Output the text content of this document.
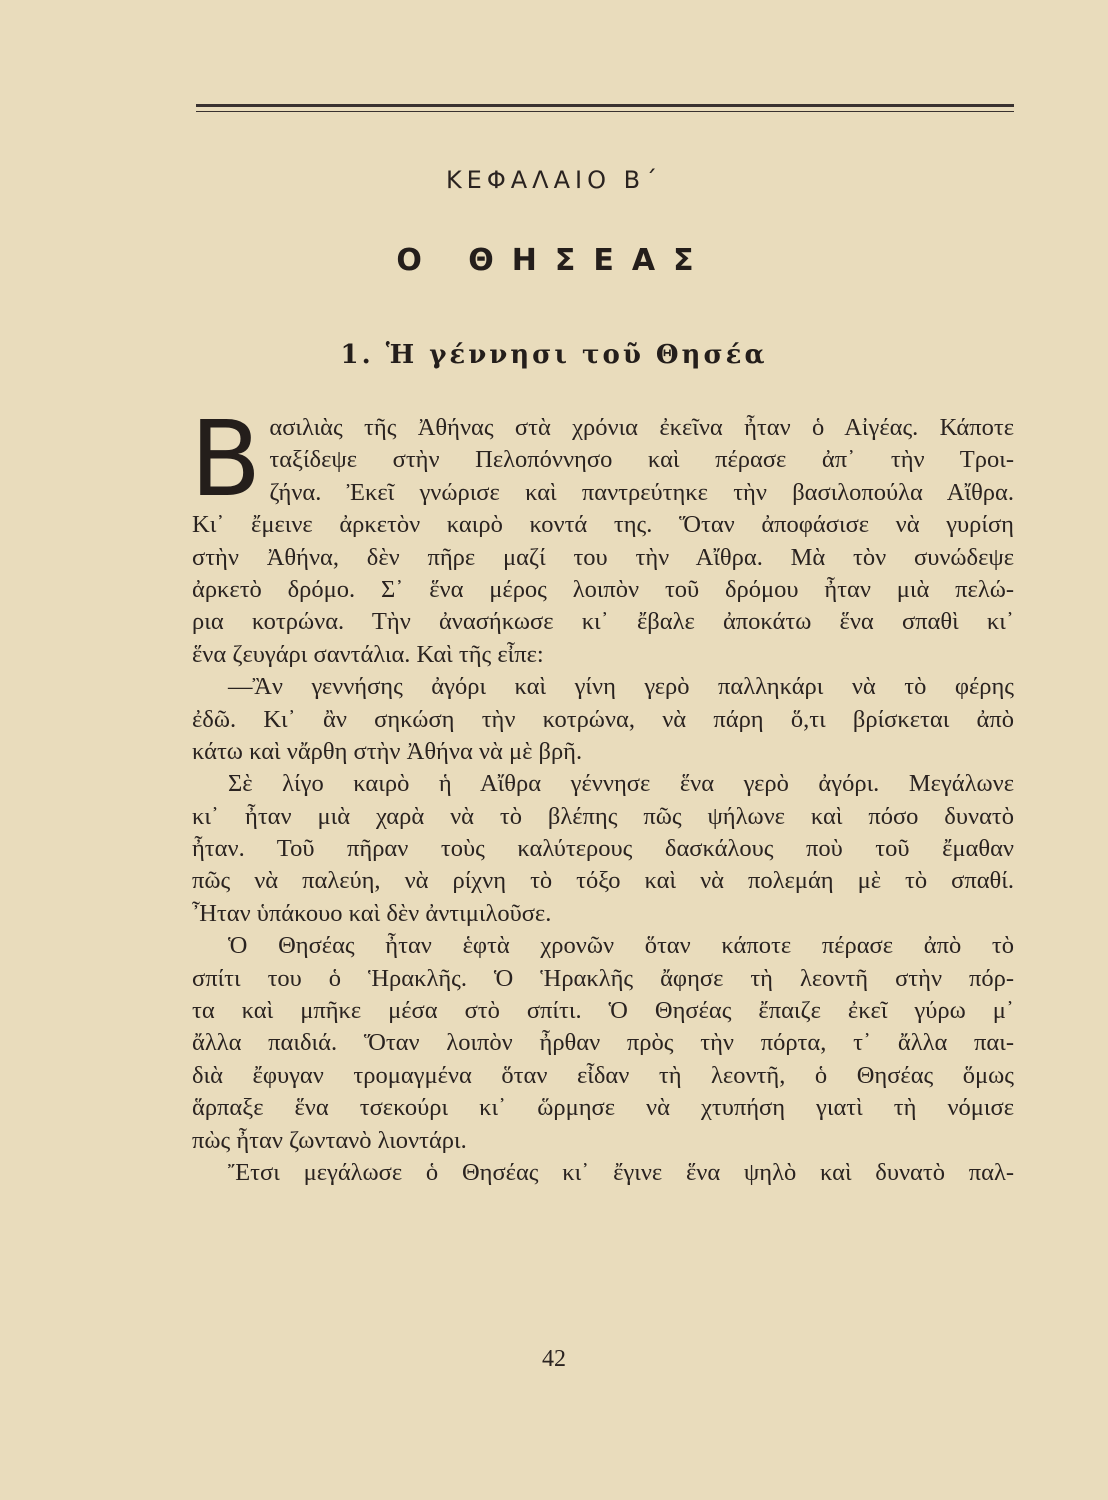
ΚΕΦΑΛΑΙΟ Β΄
Ο ΘΗΣΕΑΣ
1. Ἡ γέννησι τοῦ Θησέα
Β ασιλιὰς τῆς Ἀθήνας στὰ χρόνια ἐκεῖνα ἦταν ὁ Αἰγέας. Κάποτε
ταξίδεψε στὴν Πελοπόννησο καὶ πέρασε ἀπ᾿ τὴν Τροι-
ζήνα. Ἐκεῖ γνώρισε καὶ παντρεύτηκε τὴν βασιλοπούλα Αἴθρα.
Κι᾿ ἔμεινε ἀρκετὸν καιρὸ κοντά της. Ὅταν ἀποφάσισε νὰ γυρίση
στὴν Ἀθήνα, δὲν πῆρε μαζί του τὴν Αἴθρα. Μὰ τὸν συνώδεψε
ἀρκετὸ δρόμο. Σ᾿ ἕνα μέρος λοιπὸν τοῦ δρόμου ἦταν μιὰ πελώ-
ρια κοτρώνα. Τὴν ἀνασήκωσε κι᾿ ἔβαλε ἀποκάτω ἕνα σπαθὶ κι᾿
ἕνα ζευγάρι σαντάλια. Καὶ τῆς εἶπε:
—Ἂν γεννήσης ἀγόρι καὶ γίνη γερὸ παλληκάρι νὰ τὸ φέρης
ἐδῶ. Κι᾿ ἂν σηκώση τὴν κοτρώνα, νὰ πάρη ὅ,τι βρίσκεται ἀπὸ
κάτω καὶ νἄρθη στὴν Ἀθήνα νὰ μὲ βρῆ.
Σὲ λίγο καιρὸ ἡ Αἴθρα γέννησε ἕνα γερὸ ἀγόρι. Μεγάλωνε
κι᾿ ἦταν μιὰ χαρὰ νὰ τὸ βλέπης πῶς ψήλωνε καὶ πόσο δυνατὸ
ἦταν. Τοῦ πῆραν τοὺς καλύτερους δασκάλους ποὺ τοῦ ἔμαθαν
πῶς νὰ παλεύη, νὰ ρίχνη τὸ τόξο καὶ νὰ πολεμάη μὲ τὸ σπαθί.
Ἦταν ὑπάκουο καὶ δὲν ἀντιμιλοῦσε.
Ὁ Θησέας ἦταν ἑφτὰ χρονῶν ὅταν κάποτε πέρασε ἀπὸ τὸ
σπίτι του ὁ Ἡρακλῆς. Ὁ Ἡρακλῆς ἄφησε τὴ λεοντῆ στὴν πόρ-
τα καὶ μπῆκε μέσα στὸ σπίτι. Ὁ Θησέας ἔπαιζε ἐκεῖ γύρω μ᾿
ἄλλα παιδιά. Ὅταν λοιπὸν ἦρθαν πρὸς τὴν πόρτα, τ᾿ ἄλλα παι-
διὰ ἔφυγαν τρομαγμένα ὅταν εἶδαν τὴ λεοντῆ, ὁ Θησέας ὅμως
ἅρπαξε ἕνα τσεκούρι κι᾿ ὥρμησε νὰ χτυπήση γιατὶ τὴ νόμισε
πὼς ἦταν ζωντανὸ λιοντάρι.
Ἔτσι μεγάλωσε ὁ Θησέας κι᾿ ἔγινε ἕνα ψηλὸ καὶ δυνατὸ παλ-
42
